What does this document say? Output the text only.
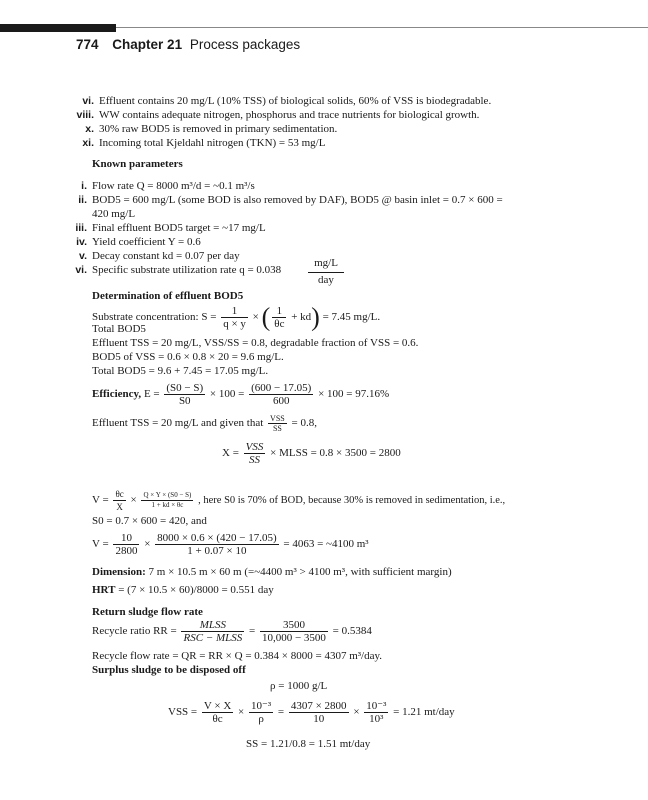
774 Chapter 21 Process packages
vi. Effluent contains 20 mg/L (10% TSS) of biological solids, 60% of VSS is biodegradable.
viii. WW contains adequate nitrogen, phosphorus and trace nutrients for biological growth.
x. 30% raw BOD5 is removed in primary sedimentation.
xi. Incoming total Kjeldahl nitrogen (TKN) = 53 mg/L
Known parameters
i. Flow rate Q = 8000 m³/d = ~0.1 m³/s
ii. BOD5 = 600 mg/L (some BOD is also removed by DAF), BOD5 @ basin inlet = 0.7 × 600 =
420 mg/L
iii. Final effluent BOD5 target = ~17 mg/L
iv. Yield coefficient Y = 0.6
v. Decay constant kd = 0.07 per day
vi. Specific substrate utilization rate q = 0.038
mg/L
day
Determination of effluent BOD5
Substrate concentration: $S = \frac{1}{q \times y}$ × ( $\frac{1}{\theta c} + kd) = 7.45$ mg/L.
Total BOD5
Effluent TSS = 20 mg/L, VSS/SS = 0.8, degradable fraction of VSS = 0.6.
BOD5 of VSS = 0.6 × 0.8 × 20 = 9.6 mg/L.
Total BOD5 = 9.6 + 7.45 = 17.05 mg/L.
Efficiency, $E = \frac{(S0 - S)}{S0} \times 100 = \frac{(600 - 17.05)}{600} \times 100 = 97.16\%$
Effluent TSS = 20 mg/L and given that $\frac{\text{VSS}}{SS} = 0.8$,
$X = \frac{\text{VSS}}{SS}$ × MLSS = 0.8 × 3500 = 2800
$V = \frac{\theta c}{X} \times \frac{Q \times Y \times (S0 - S)}{1 + kd \times \theta c}$ , here S0 is 70% of BOD, because 30% is removed in sedimentation, i.e.,
S0 = 0.7 × 600 = 420, and
$V = \frac{10}{2800} \times \frac{8000 \times 0.6 \times (420 - 17.05)}{1 + 0.07 \times 10} = 4063$ = ~4100 m³
Dimension: 7 m × 10.5 m × 60 m (=~4400 m³ > 4100 m³, with sufficient margin)
HRT = (7 × 10.5 × 60)/8000 = 0.551 day
Return sludge flow rate
Recycle ratio RR = $\frac{\text{MLSS}}{\text{RSC − MLSS}} = \frac{3500}{10,000 - 3500} = 0.5384$
Recycle flow rate = QR = RR × Q = 0.384 × 8000 = 4307 m³/day.
Surplus sludge to be disposed off
ρ = 1000 g/L
VSS = $\frac{V \times X}{\theta c} \times \frac{\text{10⁻³}}{\rho} = \frac{4307 \times 2800}{10} \times \frac{\text{10⁻³}}{\text{10³}} = 1.21$ mt/day
SS = 1.21/0.8 = 1.51 mt/day
